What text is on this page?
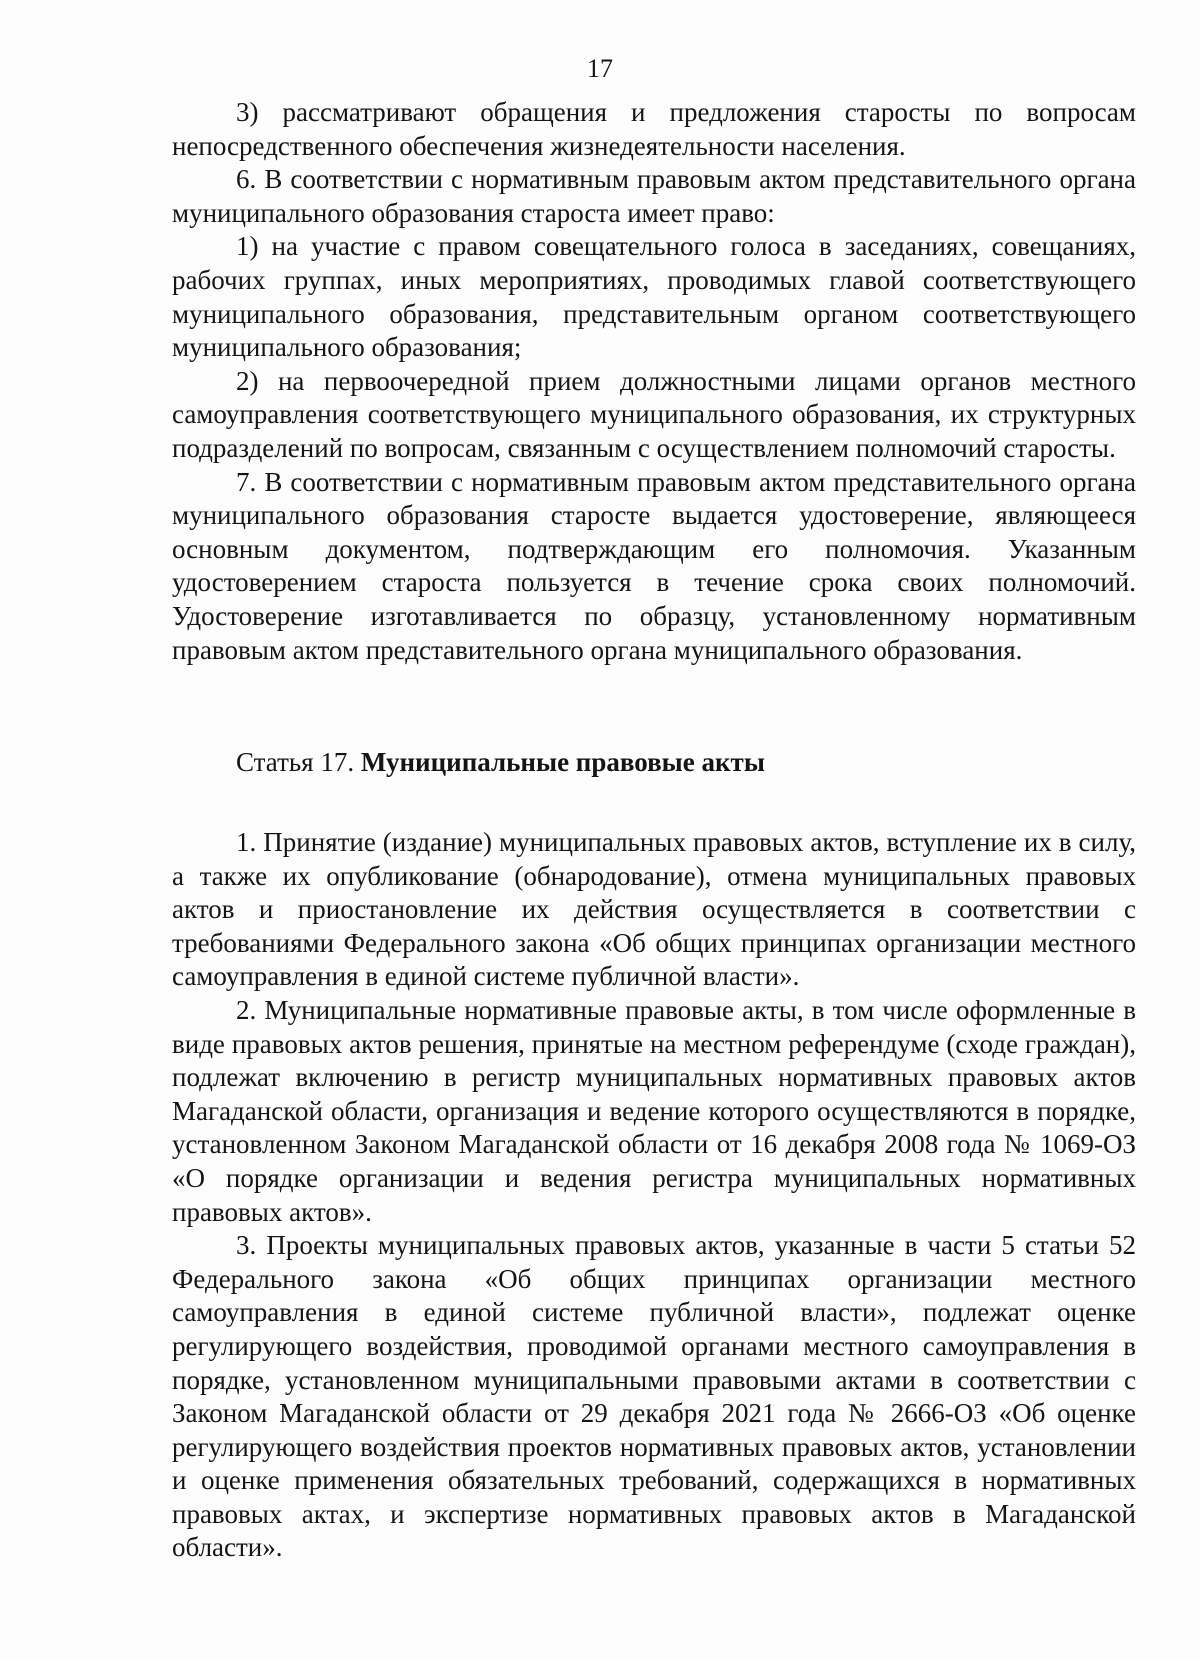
17

3) рассматривают обращения и предложения старосты по вопросам непосредственного обеспечения жизнедеятельности населения.

6. В соответствии с нормативным правовым актом представительного органа муниципального образования староста имеет право:

1) на участие с правом совещательного голоса в заседаниях, совещаниях, рабочих группах, иных мероприятиях, проводимых главой соответствующего муниципального образования, представительным органом соответствующего муниципального образования;

2) на первоочередной прием должностными лицами органов местного самоуправления соответствующего муниципального образования, их структурных подразделений по вопросам, связанным с осуществлением полномочий старосты.

7. В соответствии с нормативным правовым актом представительного органа муниципального образования старосте выдается удостоверение, являющееся основным документом, подтверждающим его полномочия. Указанным удостоверением староста пользуется в течение срока своих полномочий. Удостоверение изготавливается по образцу, установленному нормативным правовым актом представительного органа муниципального образования.

Статья 17. Муниципальные правовые акты

1. Принятие (издание) муниципальных правовых актов, вступление их в силу, а также их опубликование (обнародование), отмена муниципальных правовых актов и приостановление их действия осуществляется в соответствии с требованиями Федерального закона «Об общих принципах организации местного самоуправления в единой системе публичной власти».

2. Муниципальные нормативные правовые акты, в том числе оформленные в виде правовых актов решения, принятые на местном референдуме (сходе граждан), подлежат включению в регистр муниципальных нормативных правовых актов Магаданской области, организация и ведение которого осуществляются в порядке, установленном Законом Магаданской области от 16 декабря 2008 года № 1069-ОЗ «О порядке организации и ведения регистра муниципальных нормативных правовых актов».

3. Проекты муниципальных правовых актов, указанные в части 5 статьи 52 Федерального закона «Об общих принципах организации местного самоуправления в единой системе публичной власти», подлежат оценке регулирующего воздействия, проводимой органами местного самоуправления в порядке, установленном муниципальными правовыми актами в соответствии с Законом Магаданской области от 29 декабря 2021 года № 2666-ОЗ «Об оценке регулирующего воздействия проектов нормативных правовых актов, установлении и оценке применения обязательных требований, содержащихся в нормативных правовых актах, и экспертизе нормативных правовых актов в Магаданской области».
